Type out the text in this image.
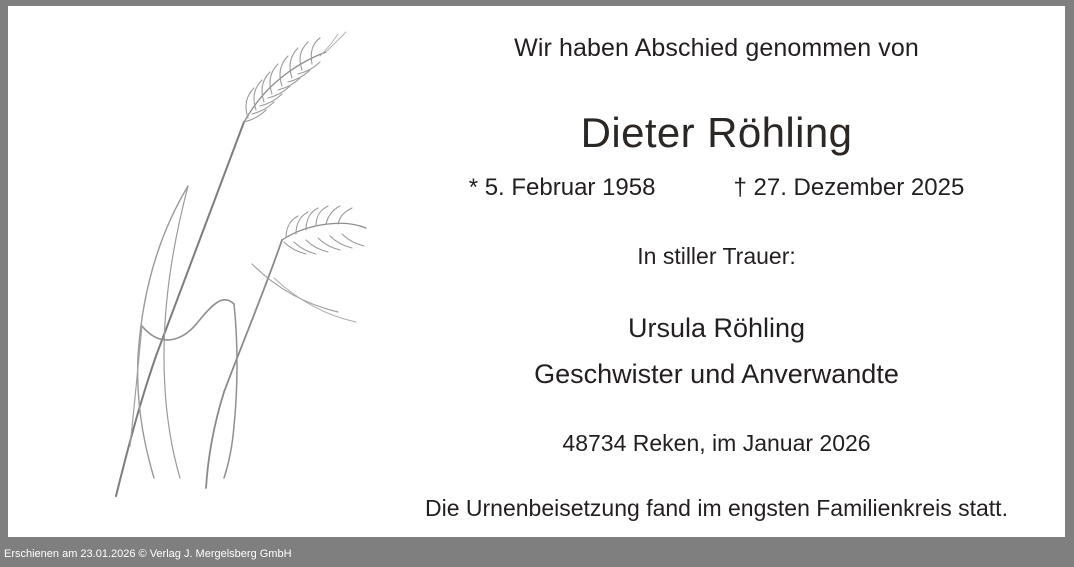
Wir haben Abschied genommen von
Dieter Röhling
* 5. Februar 1958	† 27. Dezember 2025
In stiller Trauer:
Ursula Röhling
Geschwister und Anverwandte
48734 Reken, im Januar 2026
Die Urnenbeisetzung fand im engsten Familienkreis statt.
Erschienen am 23.01.2026 © Verlag J. Mergelsberg GmbH
